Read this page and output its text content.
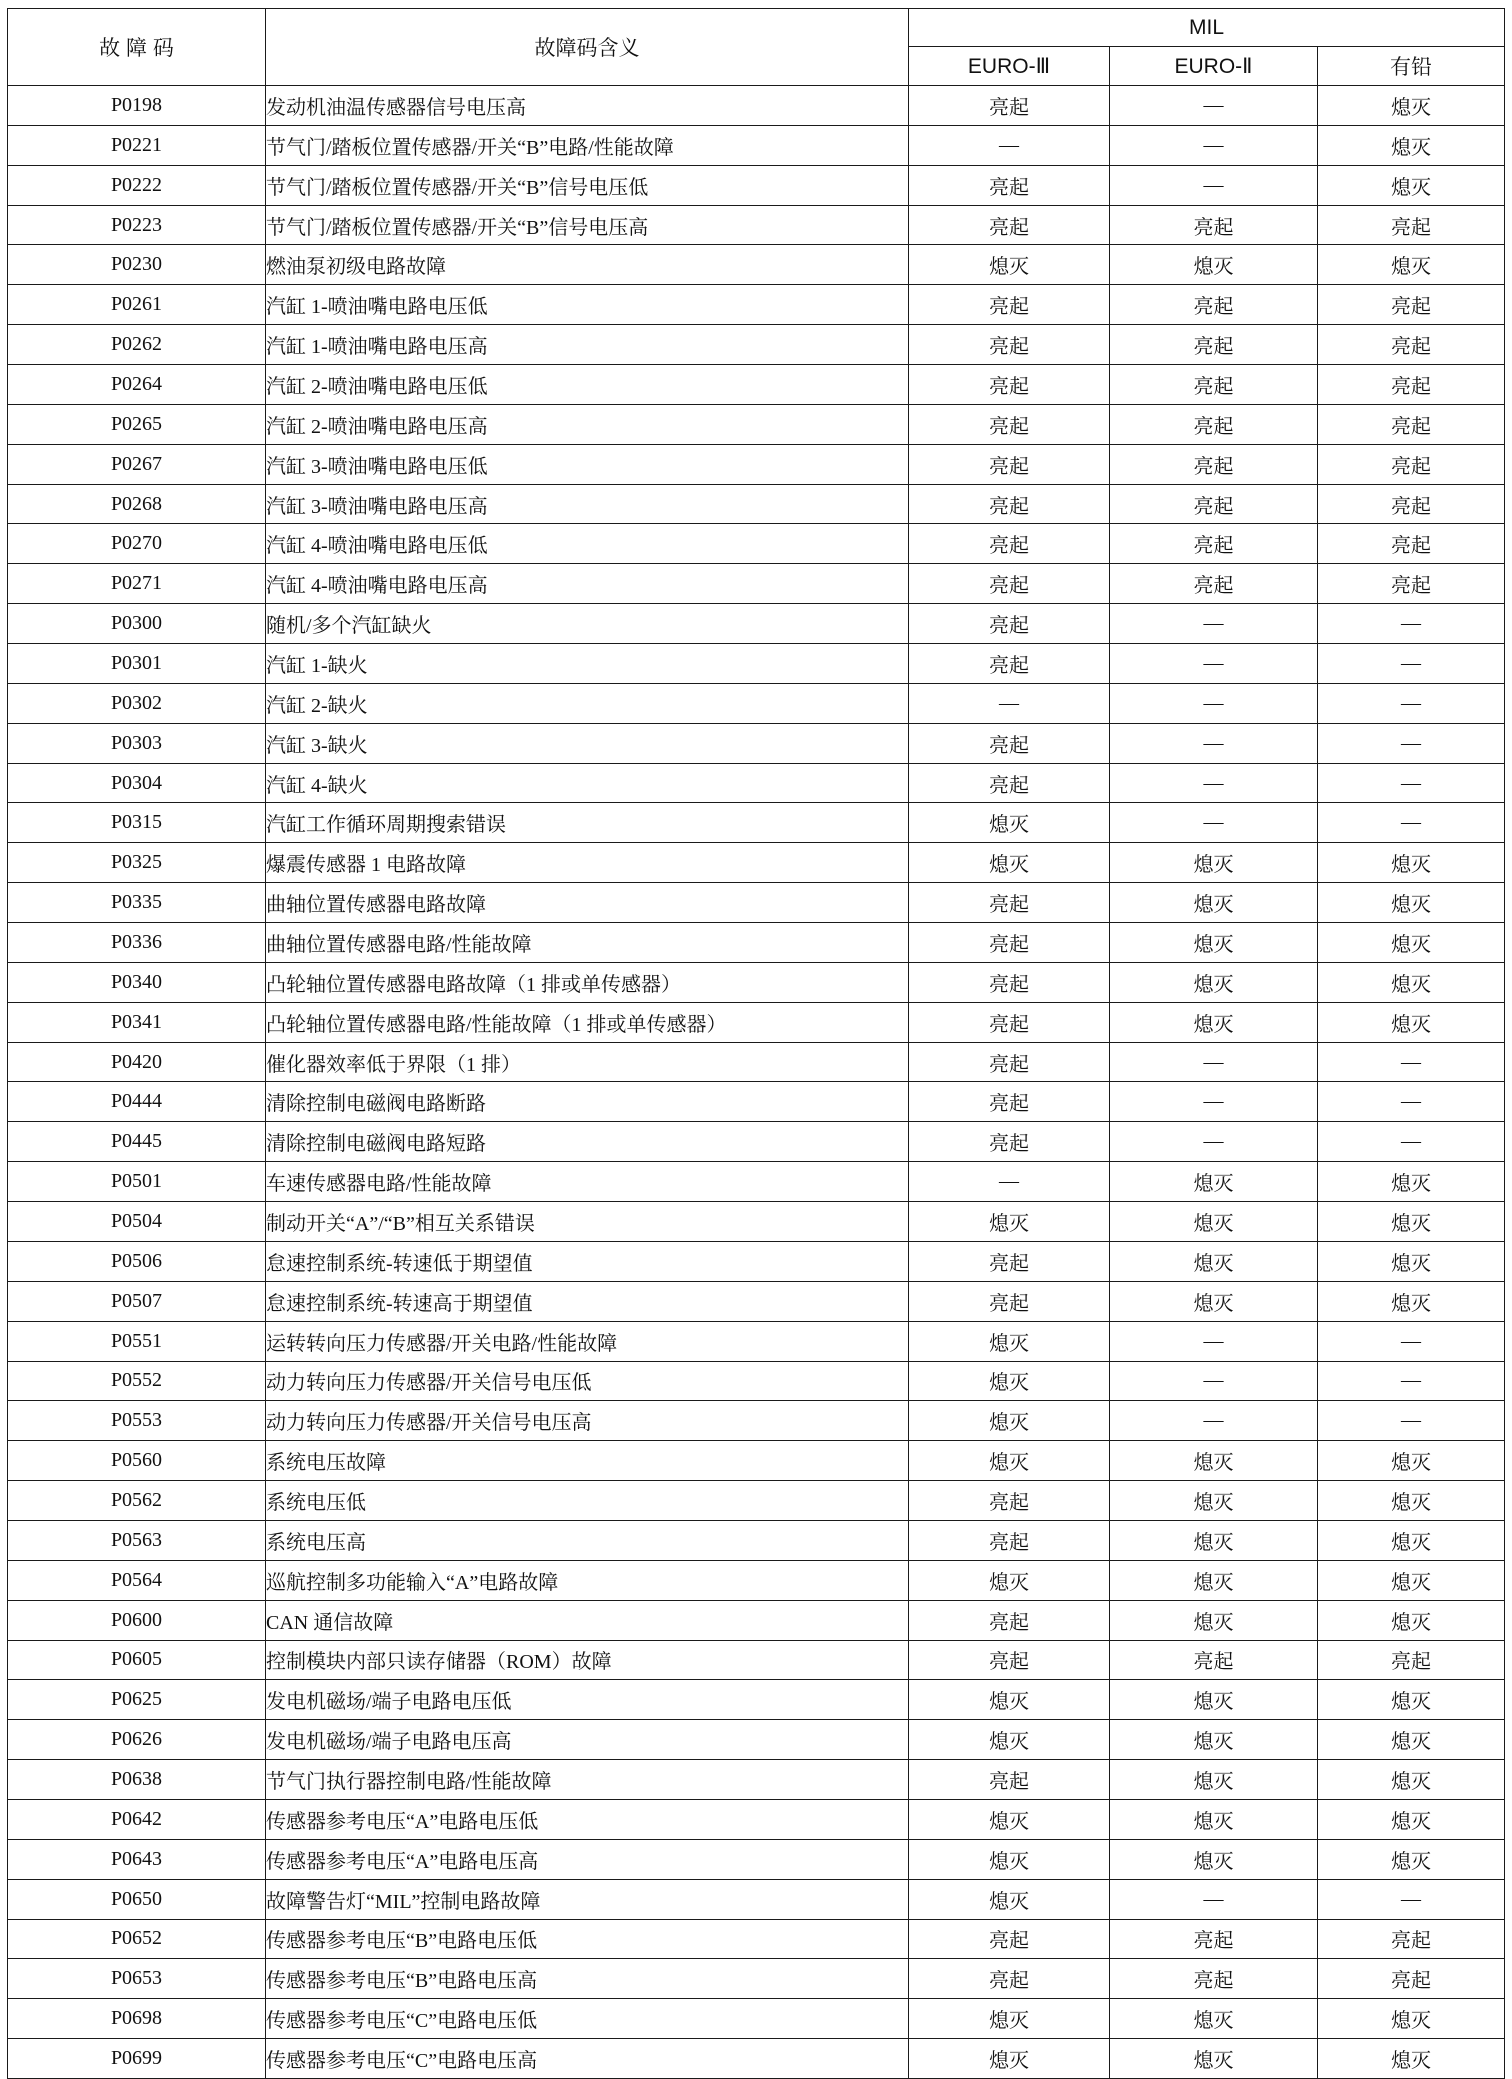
故 障 码	故障码含义	MIL		
		EURO-Ⅲ	EURO-Ⅱ	有铅
P0198	发动机油温传感器信号电压高	亮起	—	熄灭
P0221	节气门/踏板位置传感器/开关“B”电路/性能故障	—	—	熄灭
P0222	节气门/踏板位置传感器/开关“B”信号电压低	亮起	—	熄灭
P0223	节气门/踏板位置传感器/开关“B”信号电压高	亮起	亮起	亮起
P0230	燃油泵初级电路故障	熄灭	熄灭	熄灭
P0261	汽缸 1-喷油嘴电路电压低	亮起	亮起	亮起
P0262	汽缸 1-喷油嘴电路电压高	亮起	亮起	亮起
P0264	汽缸 2-喷油嘴电路电压低	亮起	亮起	亮起
P0265	汽缸 2-喷油嘴电路电压高	亮起	亮起	亮起
P0267	汽缸 3-喷油嘴电路电压低	亮起	亮起	亮起
P0268	汽缸 3-喷油嘴电路电压高	亮起	亮起	亮起
P0270	汽缸 4-喷油嘴电路电压低	亮起	亮起	亮起
P0271	汽缸 4-喷油嘴电路电压高	亮起	亮起	亮起
P0300	随机/多个汽缸缺火	亮起	—	—
P0301	汽缸 1-缺火	亮起	—	—
P0302	汽缸 2-缺火	—	—	—
P0303	汽缸 3-缺火	亮起	—	—
P0304	汽缸 4-缺火	亮起	—	—
P0315	汽缸工作循环周期搜索错误	熄灭	—	—
P0325	爆震传感器 1 电路故障	熄灭	熄灭	熄灭
P0335	曲轴位置传感器电路故障	亮起	熄灭	熄灭
P0336	曲轴位置传感器电路/性能故障	亮起	熄灭	熄灭
P0340	凸轮轴位置传感器电路故障（1 排或单传感器）	亮起	熄灭	熄灭
P0341	凸轮轴位置传感器电路/性能故障（1 排或单传感器）	亮起	熄灭	熄灭
P0420	催化器效率低于界限（1 排）	亮起	—	—
P0444	清除控制电磁阀电路断路	亮起	—	—
P0445	清除控制电磁阀电路短路	亮起	—	—
P0501	车速传感器电路/性能故障	—	熄灭	熄灭
P0504	制动开关“A”/“B”相互关系错误	熄灭	熄灭	熄灭
P0506	怠速控制系统-转速低于期望值	亮起	熄灭	熄灭
P0507	怠速控制系统-转速高于期望值	亮起	熄灭	熄灭
P0551	运转转向压力传感器/开关电路/性能故障	熄灭	—	—
P0552	动力转向压力传感器/开关信号电压低	熄灭	—	—
P0553	动力转向压力传感器/开关信号电压高	熄灭	—	—
P0560	系统电压故障	熄灭	熄灭	熄灭
P0562	系统电压低	亮起	熄灭	熄灭
P0563	系统电压高	亮起	熄灭	熄灭
P0564	巡航控制多功能输入“A”电路故障	熄灭	熄灭	熄灭
P0600	CAN 通信故障	亮起	熄灭	熄灭
P0605	控制模块内部只读存储器（ROM）故障	亮起	亮起	亮起
P0625	发电机磁场/端子电路电压低	熄灭	熄灭	熄灭
P0626	发电机磁场/端子电路电压高	熄灭	熄灭	熄灭
P0638	节气门执行器控制电路/性能故障	亮起	熄灭	熄灭
P0642	传感器参考电压“A”电路电压低	熄灭	熄灭	熄灭
P0643	传感器参考电压“A”电路电压高	熄灭	熄灭	熄灭
P0650	故障警告灯“MIL”控制电路故障	熄灭	—	—
P0652	传感器参考电压“B”电路电压低	亮起	亮起	亮起
P0653	传感器参考电压“B”电路电压高	亮起	亮起	亮起
P0698	传感器参考电压“C”电路电压低	熄灭	熄灭	熄灭
P0699	传感器参考电压“C”电路电压高	熄灭	熄灭	熄灭
